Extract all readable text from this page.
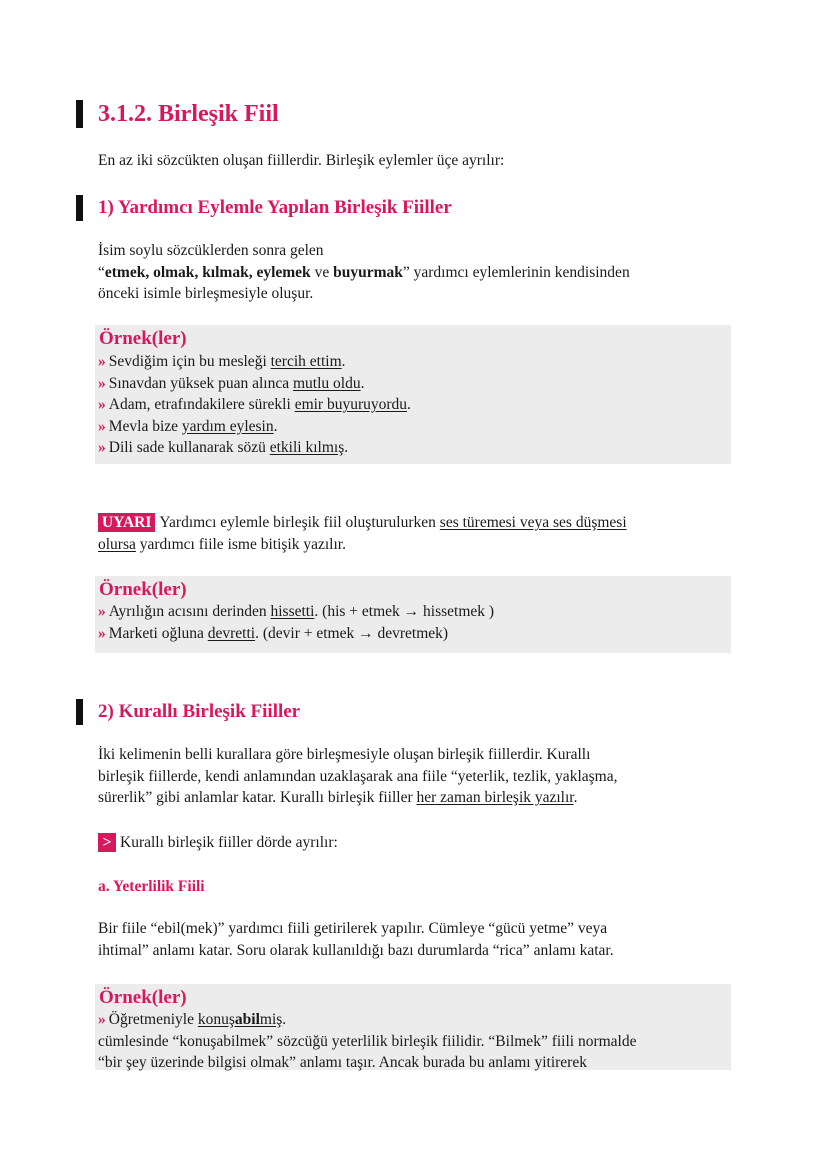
3.1.2. Birleşik Fiil
En az iki sözcükten oluşan fiillerdir. Birleşik eylemler üçe ayrılır:
1) Yardımcı Eylemle Yapılan Birleşik Fiiller
İsim soylu sözcüklerden sonra gelen
“etmek, olmak, kılmak, eylemek ve buyurmak” yardımcı eylemlerinin kendisinden
önceki isimle birleşmesiyle oluşur.
Örnek(ler)
» Sevdiğim için bu mesleği tercih ettim.
» Sınavdan yüksek puan alınca mutlu oldu.
» Adam, etrafındakilere sürekli emir buyuruyordu.
» Mevla bize yardım eylesin.
» Dili sade kullanarak sözü etkili kılmış.
UYARI Yardımcı eylemle birleşik fiil oluşturulurken ses türemesi veya ses düşmesi
olursa yardımcı fiile isme bitişik yazılır.
Örnek(ler)
» Ayrılığın acısını derinden hissetti. (his + etmek → hissetmek )
» Marketi oğluna devretti. (devir + etmek → devretmek)
2) Kurallı Birleşik Fiiller
İki kelimenin belli kurallara göre birleşmesiyle oluşan birleşik fiillerdir. Kurallı
birleşik fiillerde, kendi anlamından uzaklaşarak ana fiile “yeterlik, tezlik, yaklaşma,
sürerlik” gibi anlamlar katar. Kurallı birleşik fiiller her zaman birleşik yazılır.
> Kurallı birleşik fiiller dörde ayrılır:
a. Yeterlilik Fiili
Bir fiile “ebil(mek)” yardımcı fiili getirilerek yapılır. Cümleye “gücü yetme” veya
ihtimal” anlamı katar. Soru olarak kullanıldığı bazı durumlarda “rica” anlamı katar.
Örnek(ler)
» Öğretmeniyle konuşabilmiş.
cümlesinde “konuşabilmek” sözcüğü yeterlilik birleşik fiilidir. “Bilmek” fiili normalde
“bir şey üzerinde bilgisi olmak” anlamı taşır. Ancak burada bu anlamı yitirerek
